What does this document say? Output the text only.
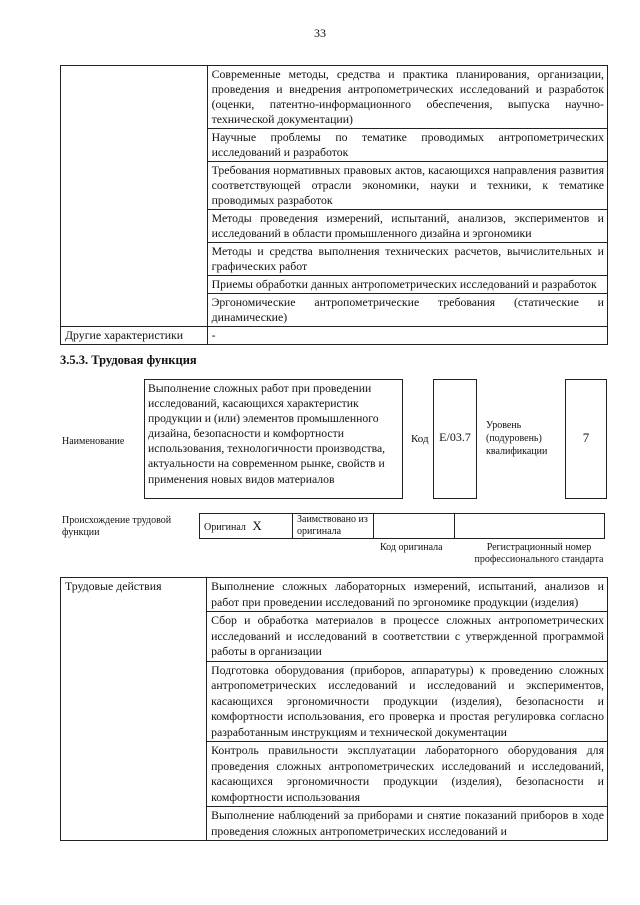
33
	Современные методы, средства и практика планирования, организации, проведения и внедрения антропометрических исследований и разработок (оценки, патентно-информационного обеспечения, выпуска научно-технической документации)
	Научные проблемы по тематике проводимых антропометрических исследований и разработок
	Требования нормативных правовых актов, касающихся направления развития соответствующей отрасли экономики, науки и техники, к тематике проводимых разработок
	Методы проведения измерений, испытаний, анализов, экспериментов и исследований в области промышленного дизайна и эргономики
	Методы и средства выполнения технических расчетов, вычислительных и графических работ
	Приемы обработки данных антропометрических исследований и разработок
	Эргономические антропометрические требования (статические и динамические)
Другие характеристики	-
3.5.3. Трудовая функция
Наименование
Выполнение сложных работ при проведении исследований, касающихся характеристик продукции и (или) элементов промышленного дизайна, безопасности и комфортности использования, технологичности производства, актуальности на современном рынке, свойств и применения новых видов материалов
Код E/03.7
Уровень (подуровень) квалификации
7
Происхождение трудовой функции	Оригинал X	Заимствовано из оригинала		
Код оригинала	Регистрационный номер профессионального стандарта
Трудовые действия	Выполнение сложных лабораторных измерений, испытаний, анализов и работ при проведении исследований по эргономике продукции (изделия)
Сбор и обработка материалов в процессе сложных антропометрических исследований и исследований в соответствии с утвержденной программой работы в организации
Подготовка оборудования (приборов, аппаратуры) к проведению сложных антропометрических исследований и исследований и экспериментов, касающихся эргономичности продукции (изделия), безопасности и комфортности использования, его проверка и простая регулировка согласно разработанным инструкциям и технической документации
Контроль правильности эксплуатации лабораторного оборудования для проведения сложных антропометрических исследований и исследований, касающихся эргономичности продукции (изделия), безопасности и комфортности использования
Выполнение наблюдений за приборами и снятие показаний приборов в ходе проведения сложных антропометрических исследований и
